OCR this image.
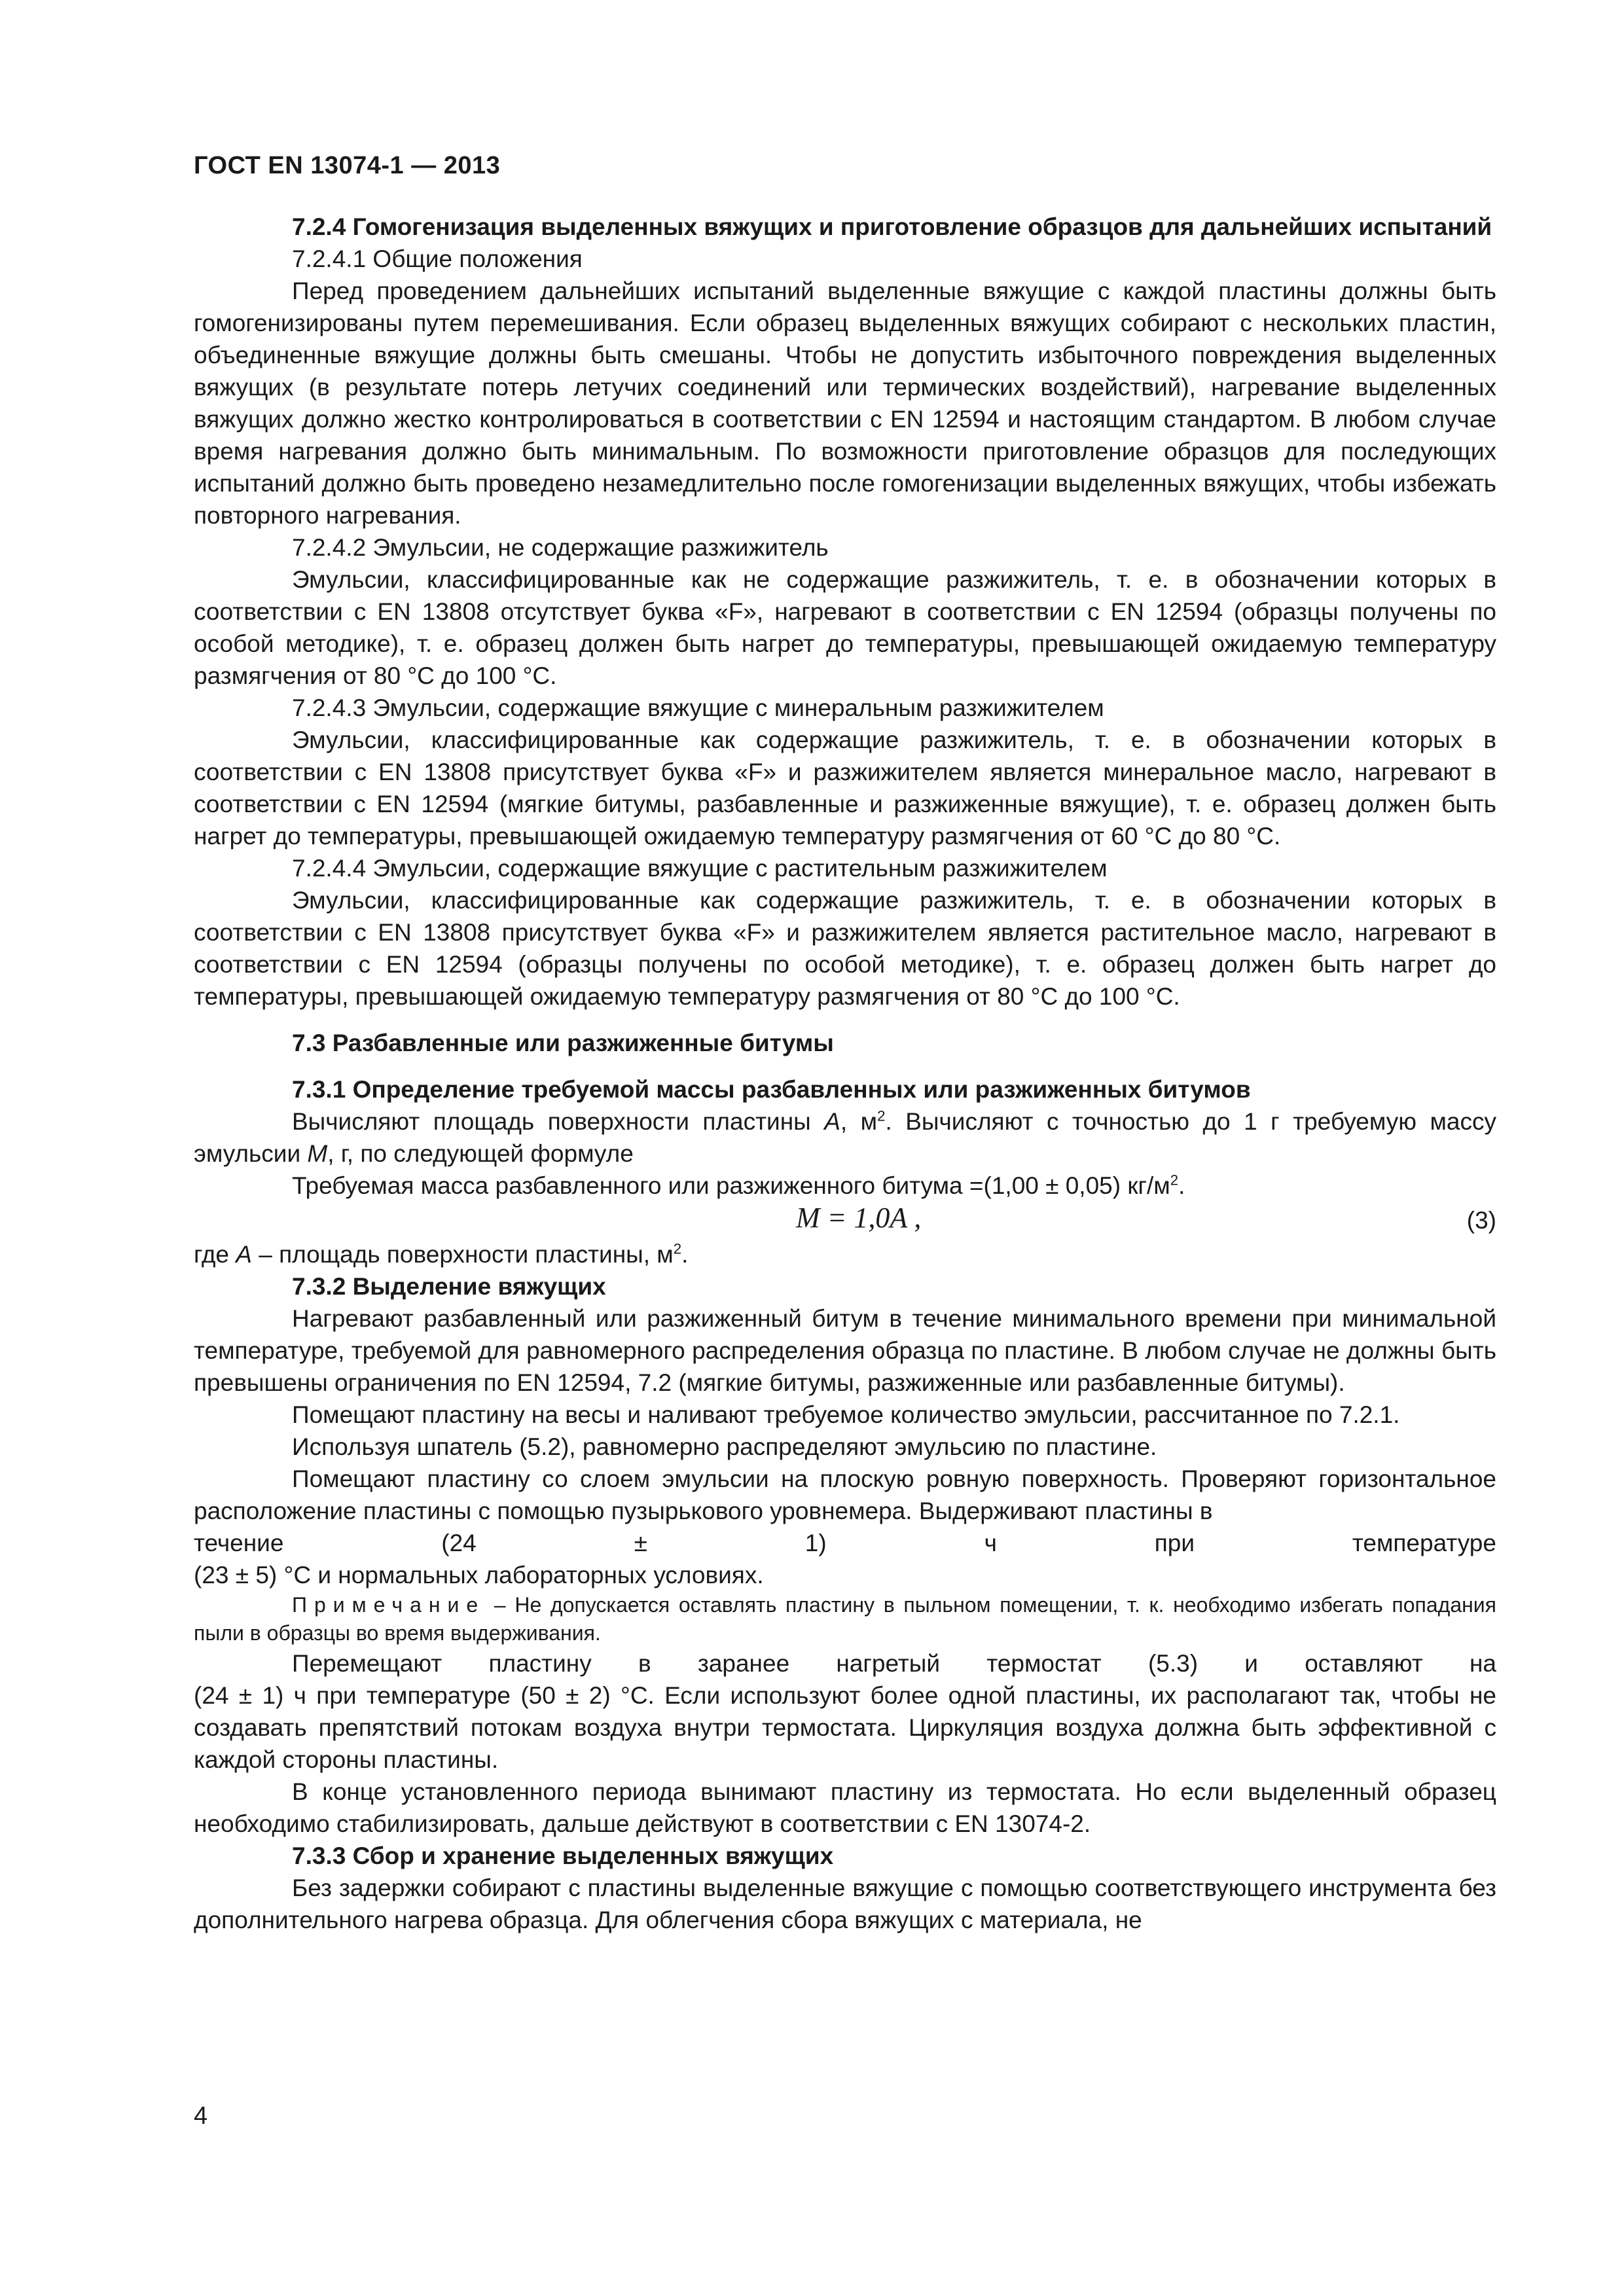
ГОСТ EN 13074-1 — 2013

7.2.4 Гомогенизация выделенных вяжущих и приготовление образцов для дальнейших испытаний

7.2.4.1 Общие положения

Перед проведением дальнейших испытаний выделенные вяжущие с каждой пластины должны быть гомогенизированы путем перемешивания. Если образец выделенных вяжущих собирают с нескольких пластин, объединенные вяжущие должны быть смешаны. Чтобы не допустить избыточного повреждения выделенных вяжущих (в результате потерь летучих соединений или термических воздействий), нагревание выделенных вяжущих должно жестко контролироваться в соответствии с EN 12594 и настоящим стандартом. В любом случае время нагревания должно быть минимальным. По возможности приготовление образцов для последующих испытаний должно быть проведено незамедлительно после гомогенизации выделенных вяжущих, чтобы избежать повторного нагревания.

7.2.4.2 Эмульсии, не содержащие разжижитель

Эмульсии, классифицированные как не содержащие разжижитель, т. е. в обозначении которых в соответствии с EN 13808 отсутствует буква «F», нагревают в соответствии с EN 12594 (образцы получены по особой методике), т. е. образец должен быть нагрет до температуры, превышающей ожидаемую температуру размягчения от 80 °C до 100 °C.

7.2.4.3 Эмульсии, содержащие вяжущие с минеральным разжижителем

Эмульсии, классифицированные как содержащие разжижитель, т. е. в обозначении которых в соответствии с EN 13808 присутствует буква «F» и разжижителем является минеральное масло, нагревают в соответствии с EN 12594 (мягкие битумы, разбавленные и разжиженные вяжущие), т. е. образец должен быть нагрет до температуры, превышающей ожидаемую температуру размягчения от 60 °C до 80 °C.

7.2.4.4 Эмульсии, содержащие вяжущие с растительным разжижителем

Эмульсии, классифицированные как содержащие разжижитель, т. е. в обозначении которых в соответствии с EN 13808 присутствует буква «F» и разжижителем является растительное масло, нагревают в соответствии с EN 12594 (образцы получены по особой методике), т. е. образец должен быть нагрет до температуры, превышающей ожидаемую температуру размягчения от 80 °C до 100 °C.

7.3 Разбавленные или разжиженные битумы

7.3.1 Определение требуемой массы разбавленных или разжиженных битумов

Вычисляют площадь поверхности пластины A, $м^2$. Вычисляют с точностью до 1 г требуемую массу эмульсии M, г, по следующей формуле

Требуемая масса разбавленного или разжиженного битума =(1,00 ± 0,05) $кг/м^2$.

M = 1,0A ,	(3)

где A – площадь поверхности пластины, $м^2$.

7.3.2 Выделение вяжущих

Нагревают разбавленный или разжиженный битум в течение минимального времени при минимальной температуре, требуемой для равномерного распределения образца по пластине. В любом случае не должны быть превышены ограничения по EN 12594, 7.2 (мягкие битумы, разжиженные или разбавленные битумы).

Помещают пластину на весы и наливают требуемое количество эмульсии, рассчитанное по 7.2.1.

Используя шпатель (5.2), равномерно распределяют эмульсию по пластине.

Помещают пластину со слоем эмульсии на плоскую ровную поверхность. Проверяют горизонтальное расположение пластины с помощью пузырькового уровнемера. Выдерживают пластины в

течение	(24	±	1)	ч	при	температуре

(23 ± 5) °C и нормальных лабораторных условиях.

Примечание – Не допускается оставлять пластину в пыльном помещении, т. к. необходимо избегать попадания пыли в образцы во время выдерживания.

Перемещают пластину в заранее нагретый термостат (5.3) и оставляют на

(24 ± 1) ч при температуре (50 ± 2) °C. Если используют более одной пластины, их располагают так, чтобы не создавать препятствий потокам воздуха внутри термостата. Циркуляция воздуха должна быть эффективной с каждой стороны пластины.

В конце установленного периода вынимают пластину из термостата. Но если выделенный образец необходимо стабилизировать, дальше действуют в соответствии с EN 13074-2.

7.3.3 Сбор и хранение выделенных вяжущих

Без задержки собирают с пластины выделенные вяжущие с помощью соответствующего инструмента без дополнительного нагрева образца. Для облегчения сбора вяжущих с материала, не

4
